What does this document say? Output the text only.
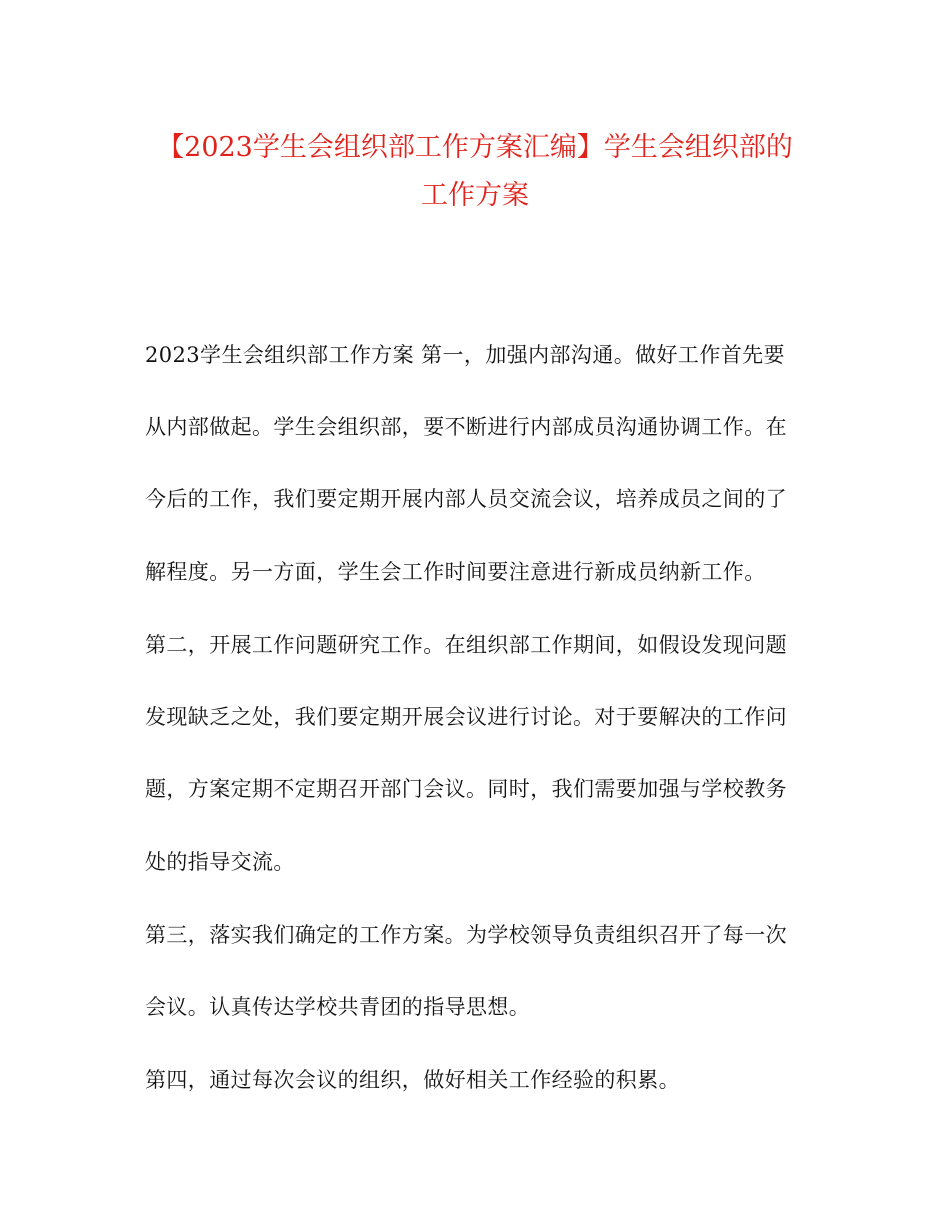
【2023学生会组织部工作方案汇编】学生会组织部的
工作方案
2023学生会组织部工作方案 第一，加强内部沟通。做好工作首先要
从内部做起。学生会组织部，要不断进行内部成员沟通协调工作。在
今后的工作，我们要定期开展内部人员交流会议，培养成员之间的了
解程度。另一方面，学生会工作时间要注意进行新成员纳新工作。
第二，开展工作问题研究工作。在组织部工作期间，如假设发现问题
发现缺乏之处，我们要定期开展会议进行讨论。对于要解决的工作问
题，方案定期不定期召开部门会议。同时，我们需要加强与学校教务
处的指导交流。
第三，落实我们确定的工作方案。为学校领导负责组织召开了每一次
会议。认真传达学校共青团的指导思想。
第四，通过每次会议的组织，做好相关工作经验的积累。
